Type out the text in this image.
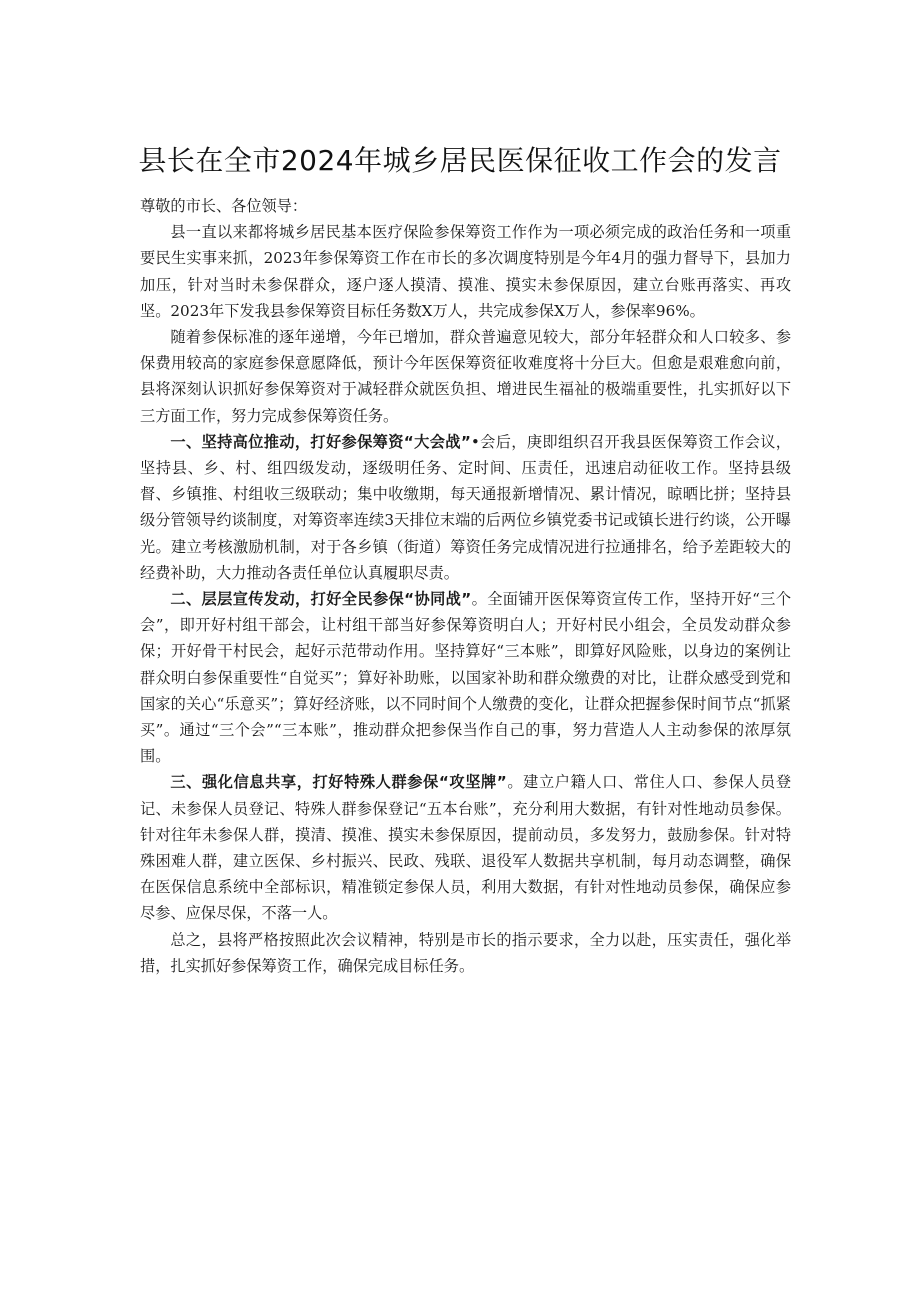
县长在全市2024年城乡居民医保征收工作会的发言

尊敬的市长、各位领导：

县一直以来都将城乡居民基本医疗保险参保筹资工作作为一项必须完成的政治任务和一项重要民生实事来抓，2023年参保筹资工作在市长的多次调度特别是今年4月的强力督导下，县加力加压，针对当时未参保群众，逐户逐人摸清、摸准、摸实未参保原因，建立台账再落实、再攻坚。2023年下发我县参保筹资目标任务数X万人，共完成参保X万人，参保率96%。

随着参保标准的逐年递增，今年已增加，群众普遍意见较大，部分年轻群众和人口较多、参保费用较高的家庭参保意愿降低，预计今年医保筹资征收难度将十分巨大。但愈是艰难愈向前，县将深刻认识抓好参保筹资对于减轻群众就医负担、增进民生福祉的极端重要性，扎实抓好以下三方面工作，努力完成参保筹资任务。

一、坚持高位推动，打好参保筹资“大会战”•会后，庚即组织召开我县医保筹资工作会议，坚持县、乡、村、组四级发动，逐级明任务、定时间、压责任，迅速启动征收工作。坚持县级督、乡镇推、村组收三级联动；集中收缴期，每天通报新增情况、累计情况，晾晒比拼；坚持县级分管领导约谈制度，对筹资率连续3天排位末端的后两位乡镇党委书记或镇长进行约谈，公开曝光。建立考核激励机制，对于各乡镇（街道）筹资任务完成情况进行拉通排名，给予差距较大的经费补助，大力推动各责任单位认真履职尽责。

二、层层宣传发动，打好全民参保“协同战”。全面铺开医保筹资宣传工作，坚持开好“三个会”，即开好村组干部会，让村组干部当好参保筹资明白人；开好村民小组会，全员发动群众参保；开好骨干村民会，起好示范带动作用。坚持算好“三本账”，即算好风险账，以身边的案例让群众明白参保重要性“自觉买”；算好补助账，以国家补助和群众缴费的对比，让群众感受到党和国家的关心“乐意买”；算好经济账，以不同时间个人缴费的变化，让群众把握参保时间节点“抓紧买”。通过“三个会”“三本账”，推动群众把参保当作自己的事，努力营造人人主动参保的浓厚氛围。

三、强化信息共享，打好特殊人群参保“攻坚牌”。建立户籍人口、常住人口、参保人员登记、未参保人员登记、特殊人群参保登记“五本台账”，充分利用大数据，有针对性地动员参保。针对往年未参保人群，摸清、摸准、摸实未参保原因，提前动员，多发努力，鼓励参保。针对特殊困难人群，建立医保、乡村振兴、民政、残联、退役军人数据共享机制，每月动态调整，确保在医保信息系统中全部标识，精准锁定参保人员，利用大数据，有针对性地动员参保，确保应参尽参、应保尽保，不落一人。

总之，县将严格按照此次会议精神，特别是市长的指示要求，全力以赴，压实责任，强化举措，扎实抓好参保筹资工作，确保完成目标任务。
